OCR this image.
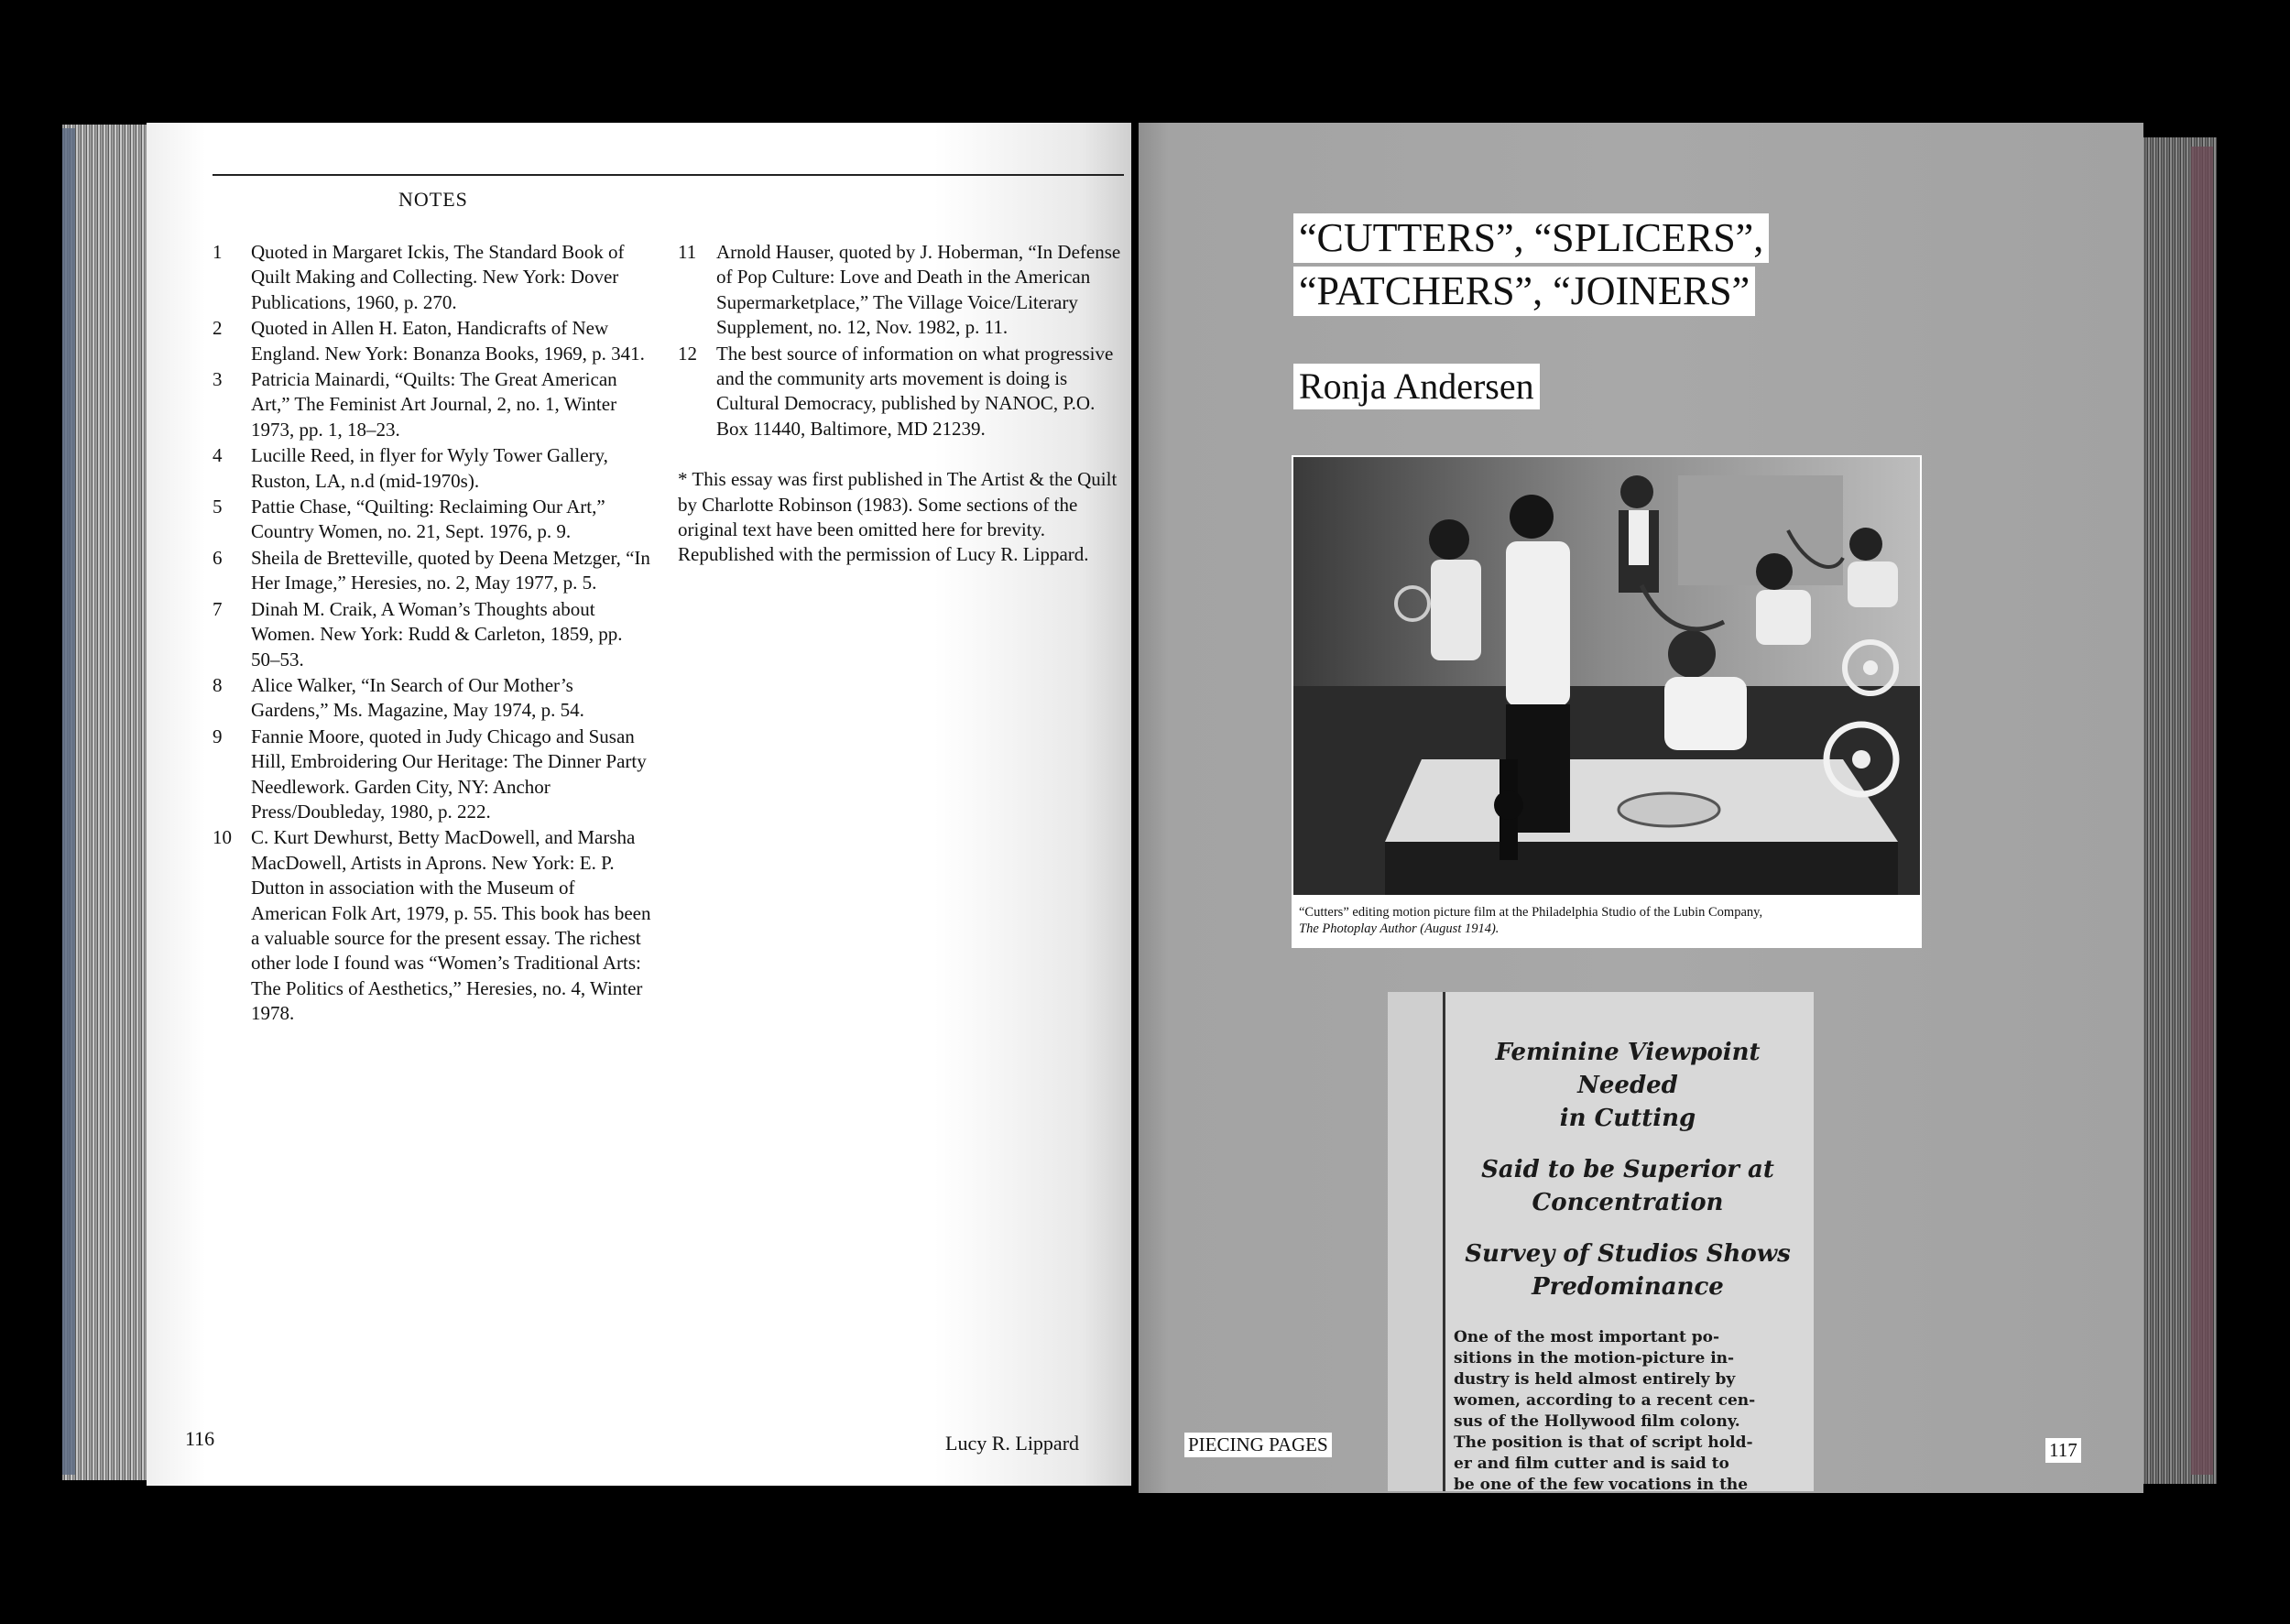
NOTES
1	Quoted in Margaret Ickis, The Standard Book of Quilt Making and Collecting. New York: Dover Publications, 1960, p. 270.
2	Quoted in Allen H. Eaton, Handicrafts of New England. New York: Bonanza Books, 1969, p. 341.
3	Patricia Mainardi, “Quilts: The Great American Art,” The Feminist Art Journal, 2, no. 1, Winter 1973, pp. 1, 18–23.
4	Lucille Reed, in flyer for Wyly Tower Gallery, Ruston, LA, n.d (mid-1970s).
5	Pattie Chase, “Quilting: Reclaiming Our Art,” Country Women, no. 21, Sept. 1976, p. 9.
6	Sheila de Bretteville, quoted by Deena Metzger, “In Her Image,” Heresies, no. 2, May 1977, p. 5.
7	Dinah M. Craik, A Woman’s Thoughts about Women. New York: Rudd & Carleton, 1859, pp. 50–53.
8	Alice Walker, “In Search of Our Mother’s Gardens,” Ms. Magazine, May 1974, p. 54.
9	Fannie Moore, quoted in Judy Chicago and Susan Hill, Embroidering Our Heritage: The Dinner Party Needlework. Garden City, NY: Anchor Press/Doubleday, 1980, p. 222.
10	C. Kurt Dewhurst, Betty MacDowell, and Marsha MacDowell, Artists in Aprons. New York: E. P. Dutton in association with the Museum of American Folk Art, 1979, p. 55. This book has been a valuable source for the present essay. The richest other lode I found was “Women’s Traditional Arts: The Politics of Aesthetics,” Heresies, no. 4, Winter 1978.
11	Arnold Hauser, quoted by J. Hoberman, “In Defense of Pop Culture: Love and Death in the American Supermarketplace,” The Village Voice/Literary Supplement, no. 12, Nov. 1982, p. 11.
12	The best source of information on what progressive and the community arts movement is doing is Cultural Democracy, published by NANOC, P.O. Box 11440, Baltimore, MD 21239.
* This essay was first published in The Artist & the Quilt by Charlotte Robinson (1983). Some sections of the original text have been omitted here for brevity. Republished with the permission of Lucy R. Lippard.
116	Lucy R. Lippard
“CUTTERS”, “SPLICERS”,
“PATCHERS”, “JOINERS”
Ronja Andersen
“Cutters” editing motion picture film at the Philadelphia Studio of the Lubin Company,
The Photoplay Author (August 1914).
Feminine Viewpoint Needed
in Cutting
Said to be Superior at
Concentration
Survey of Studios Shows
Predominance
One of the most important po-
sitions in the motion-picture in-
dustry is held almost entirely by
women, according to a recent cen-
sus of the Hollywood film colony.
The position is that of script hold-
er and film cutter and is said to
be one of the few vocations in the
PIECING PAGES	117
